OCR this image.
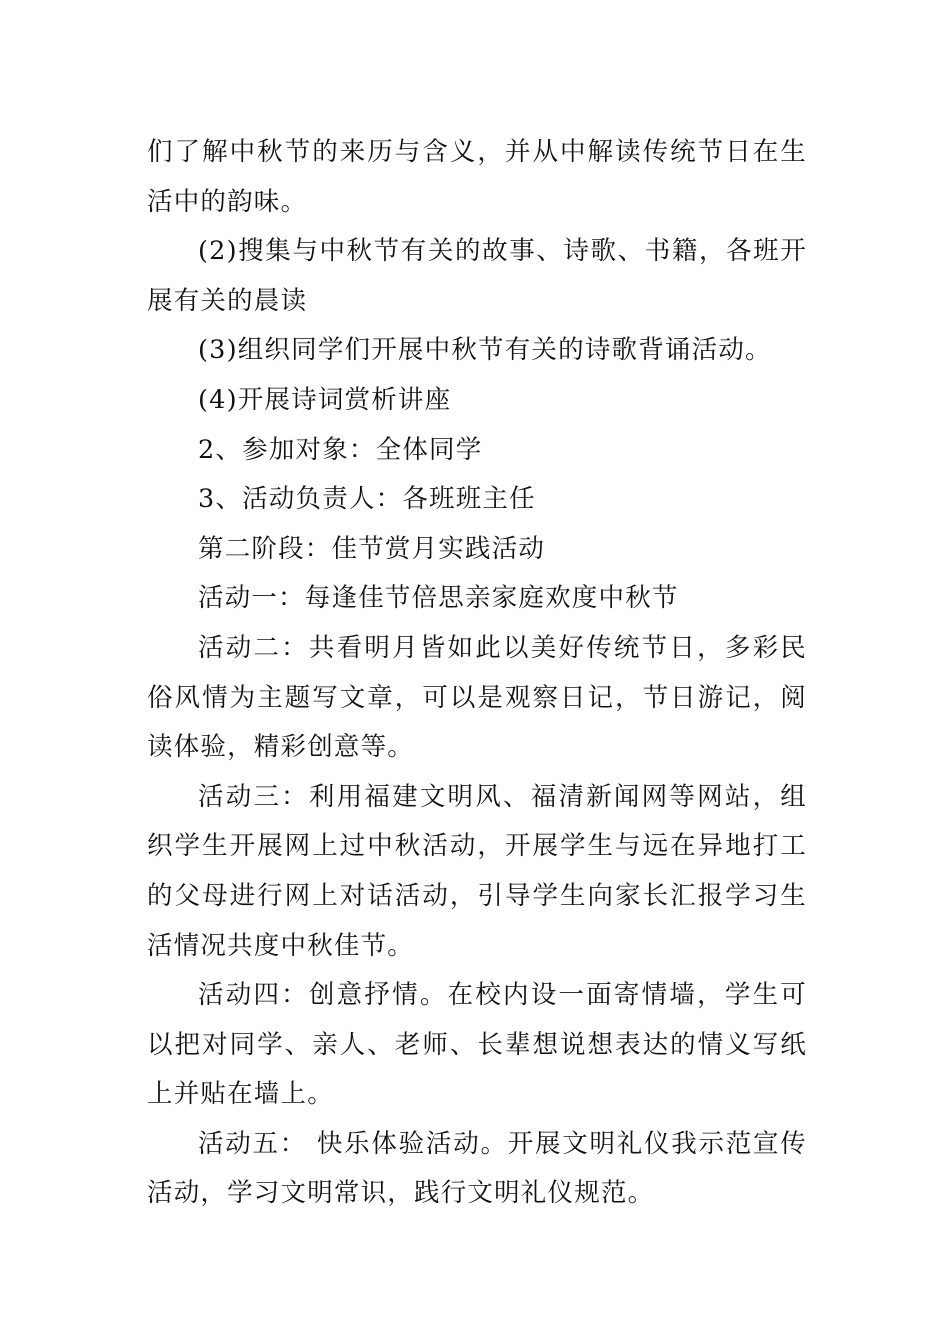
们了解中秋节的来历与含义，并从中解读传统节日在生活中的韵味。

(2)搜集与中秋节有关的故事、诗歌、书籍，各班开展有关的晨读

(3)组织同学们开展中秋节有关的诗歌背诵活动。

(4)开展诗词赏析讲座

2、参加对象：全体同学

3、活动负责人：各班班主任

第二阶段：佳节赏月实践活动

活动一：每逢佳节倍思亲家庭欢度中秋节

活动二：共看明月皆如此以美好传统节日，多彩民俗风情为主题写文章，可以是观察日记，节日游记，阅读体验，精彩创意等。

活动三：利用福建文明风、福清新闻网等网站，组织学生开展网上过中秋活动，开展学生与远在异地打工的父母进行网上对话活动，引导学生向家长汇报学习生活情况共度中秋佳节。

活动四：创意抒情。在校内设一面寄情墙，学生可以把对同学、亲人、老师、长辈想说想表达的情义写纸上并贴在墙上。

活动五： 快乐体验活动。开展文明礼仪我示范宣传活动，学习文明常识，践行文明礼仪规范。
